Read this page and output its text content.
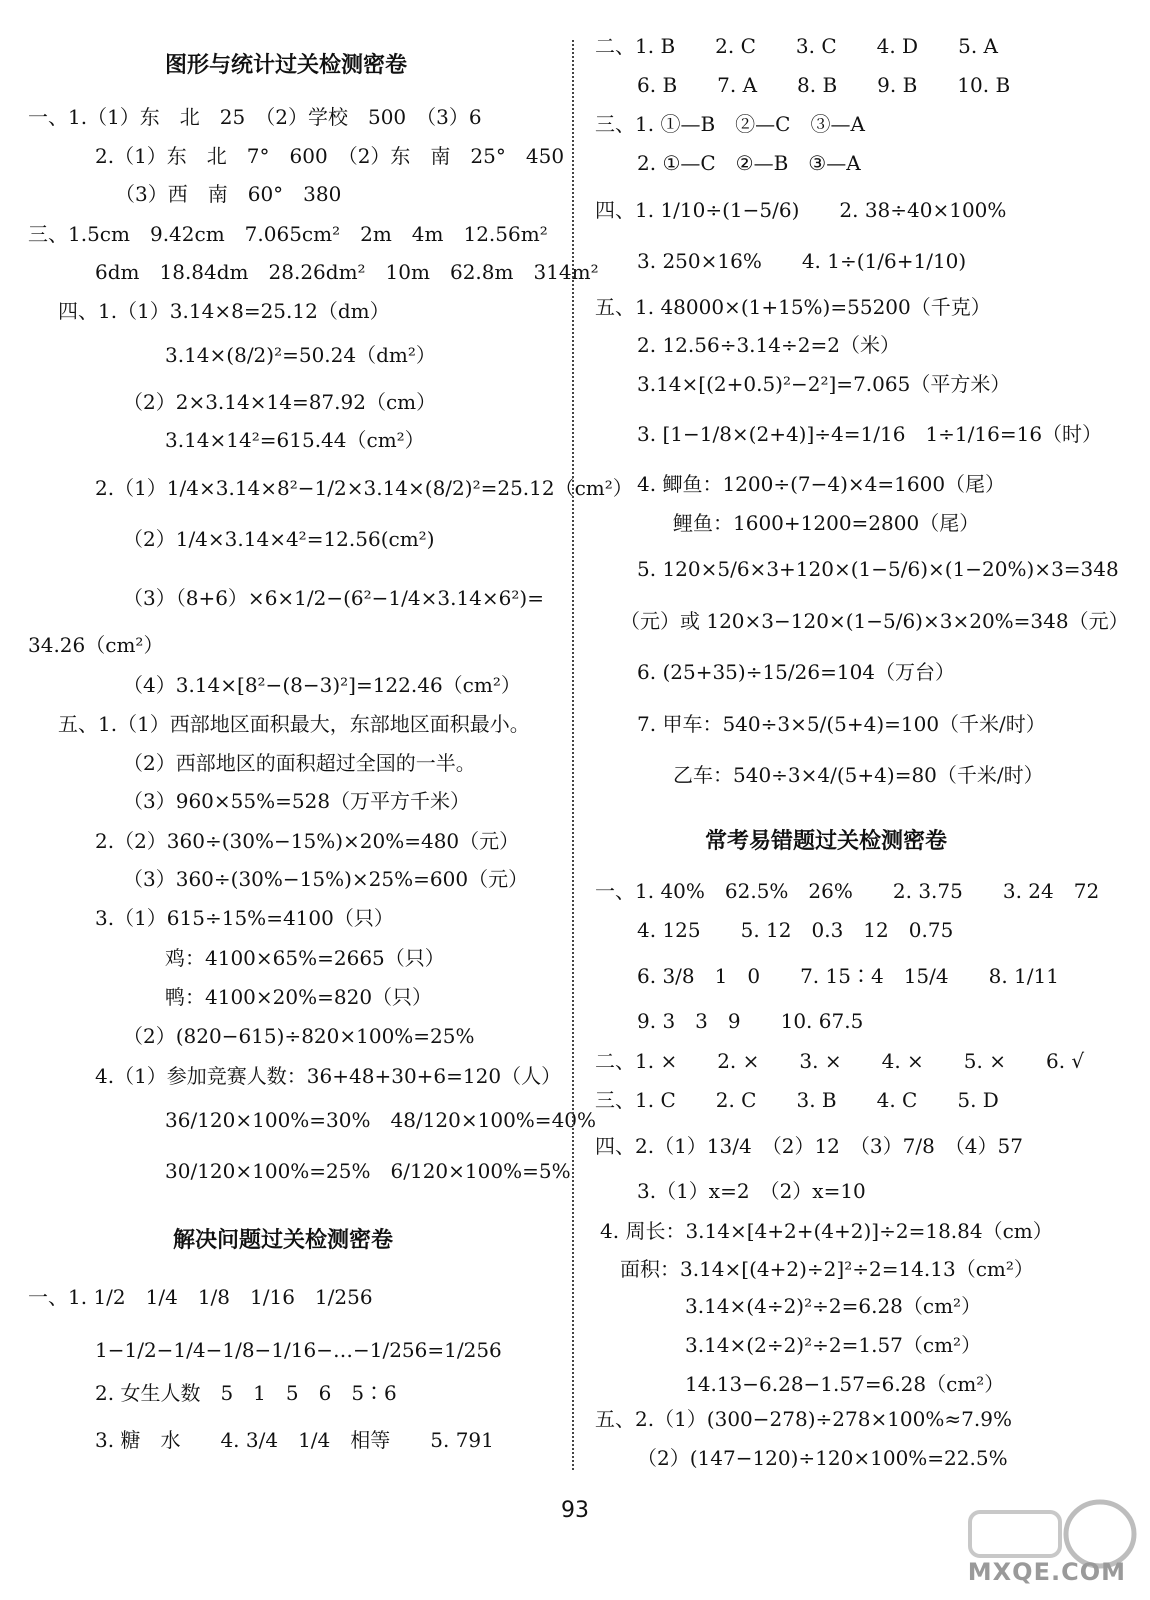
图形与统计过关检测密卷
一、1.（1）东　北　25　（2）学校　500　（3）6
2.（1）东　北　7°　600　（2）东　南　25°　450
（3）西　南　60°　380
三、1.5cm　9.42cm　7.065cm²　2m　4m　12.56m²
6dm　18.84dm　28.26dm²　10m　62.8m　314m²
四、1.（1）3.14×8=25.12（dm）
3.14×(8/2)²=50.24（dm²）
（2）2×3.14×14=87.92（cm）
3.14×14²=615.44（cm²）
2.（1）1/4×3.14×8²−1/2×3.14×(8/2)²=25.12（cm²）
（2）1/4×3.14×4²=12.56(cm²)
（3）（8+6）×6×1/2−(6²−1/4×3.14×6²)=
34.26（cm²）
（4）3.14×[8²−(8−3)²]=122.46（cm²）
五、1.（1）西部地区面积最大，东部地区面积最小。
（2）西部地区的面积超过全国的一半。
（3）960×55%=528（万平方千米）
2.（2）360÷(30%−15%)×20%=480（元）
（3）360÷(30%−15%)×25%=600（元）
3.（1）615÷15%=4100（只）
鸡：4100×65%=2665（只）
鸭：4100×20%=820（只）
（2）(820−615)÷820×100%=25%
4.（1）参加竞赛人数：36+48+30+6=120（人）
36/120×100%=30%　48/120×100%=40%
30/120×100%=25%　6/120×100%=5%
解决问题过关检测密卷
一、1. 1/2　1/4　1/8　1/16　1/256
1−1/2−1/4−1/8−1/16−…−1/256=1/256
2. 女生人数　5　1　5　6　5∶6
3. 糖　水　　4. 3/4　1/4　相等　　5. 791
二、1. B　　2. C　　3. C　　4. D　　5. A
6. B　　7. A　　8. B　　9. B　　10. B
三、1. ①—B　②—C　③—A
2. ①—C　②—B　③—A
四、1. 1/10÷(1−5/6)　　2. 38÷40×100%
3. 250×16%　　4. 1÷(1/6+1/10)
五、1. 48000×(1+15%)=55200（千克）
2. 12.56÷3.14÷2=2（米）
3.14×[(2+0.5)²−2²]=7.065（平方米）
3. [1−1/8×(2+4)]÷4=1/16　1÷1/16=16（时）
4. 鲫鱼：1200÷(7−4)×4=1600（尾）
鲤鱼：1600+1200=2800（尾）
5. 120×5/6×3+120×(1−5/6)×(1−20%)×3=348
（元）或 120×3−120×(1−5/6)×3×20%=348（元）
6. (25+35)÷15/26=104（万台）
7. 甲车：540÷3×5/(5+4)=100（千米/时）
乙车：540÷3×4/(5+4)=80（千米/时）
常考易错题过关检测密卷
一、1. 40%　62.5%　26%　　2. 3.75　　3. 24　72
4. 125　　5. 12　0.3　12　0.75
6. 3/8　1　0　　7. 15∶4　15/4　　8. 1/11
9. 3　3　9　　10. 67.5
二、1. ×　　2. ×　　3. ×　　4. ×　　5. ×　　6. √
三、1. C　　2. C　　3. B　　4. C　　5. D
四、2.（1）13/4　（2）12　（3）7/8　（4）57
3.（1）x=2　（2）x=10
4. 周长：3.14×[4+2+(4+2)]÷2=18.84（cm）
面积：3.14×[(4+2)÷2]²÷2=14.13（cm²）
3.14×(4÷2)²÷2=6.28（cm²）
3.14×(2÷2)²÷2=1.57（cm²）
14.13−6.28−1.57=6.28（cm²）
五、2.（1）(300−278)÷278×100%≈7.9%
（2）(147−120)÷120×100%=22.5%
93
MXQE.COM
